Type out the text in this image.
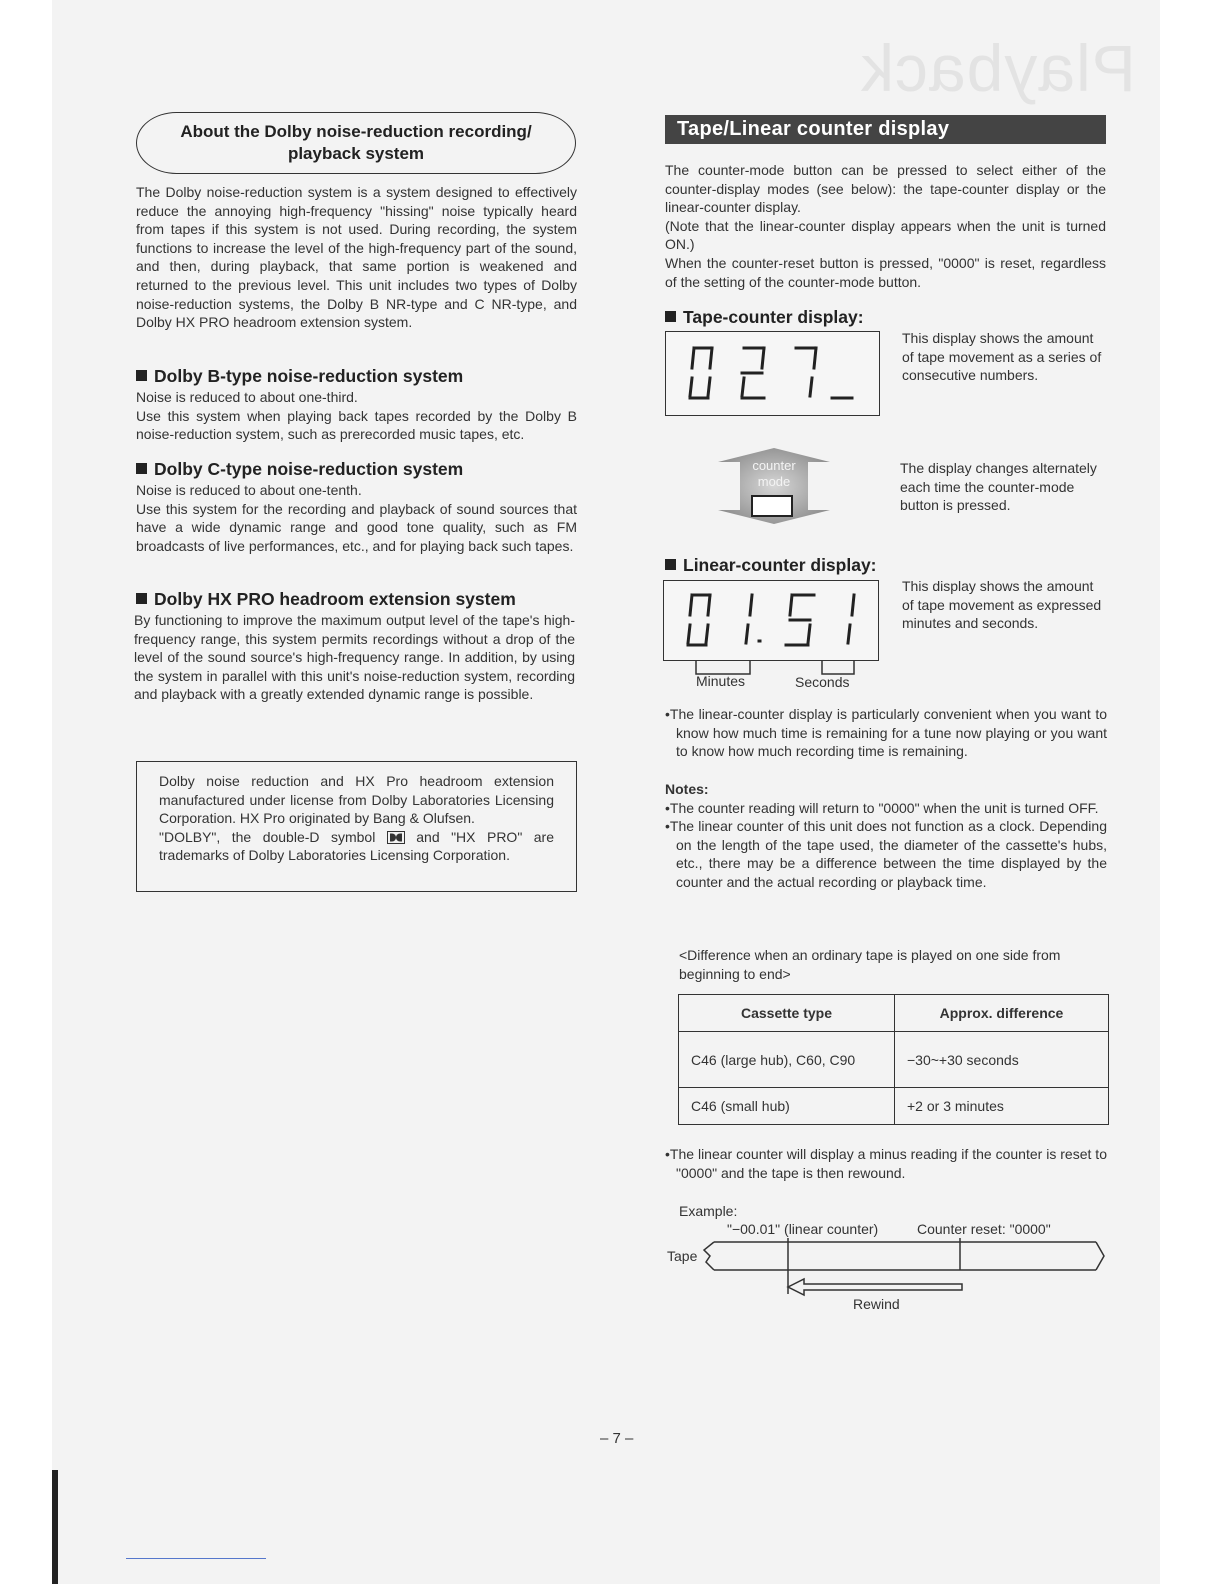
Playback
About the Dolby noise-reduction recording/
playback system

The Dolby noise-reduction system is a system designed to effectively reduce the annoying high-frequency "hissing" noise typically heard from tapes if this system is not used. During recording, the system functions to increase the level of the high-frequency part of the sound, and then, during playback, that same portion is weakened and returned to the previous level. This unit includes two types of Dolby noise-reduction systems, the Dolby B NR-type and C NR-type, and Dolby HX PRO headroom extension system.

Dolby B-type noise-reduction system

Noise is reduced to about one-third.

Use this system when playing back tapes recorded by the Dolby B noise-reduction system, such as prerecorded music tapes, etc.

Dolby C-type noise-reduction system

Noise is reduced to about one-tenth.

Use this system for the recording and playback of sound sources that have a wide dynamic range and good tone quality, such as FM broadcasts of live performances, etc., and for playing back such tapes.

Dolby HX PRO headroom extension system

By functioning to improve the maximum output level of the tape's high-frequency range, this system permits recordings without a drop of the level of the sound source's high-frequency range. In addition, by using the system in parallel with this unit's noise-reduction system, recording and playback with a greatly extended dynamic range is possible.

Dolby noise reduction and HX Pro headroom extension manufactured under license from Dolby Laboratories Licensing Corporation. HX Pro originated by Bang & Olufsen.

"DOLBY", the double-D symbol	and "HX PRO" are trademarks of Dolby Laboratories Licensing Corporation.

Tape/Linear counter display

The counter-mode button can be pressed to select either of the counter-display modes (see below): the tape-counter display or the linear-counter display.

(Note that the linear-counter display appears when the unit is turned ON.)

When the counter-reset button is pressed, "0000" is reset, regardless of the setting of the counter-mode button.

Tape-counter display:
This display shows the amount of tape movement as a series of consecutive numbers.
counter
mode
The display changes alternately each time the counter-mode button is pressed.
Linear-counter display:
Minutes	Seconds
This display shows the amount of tape movement as expressed minutes and seconds.

•The linear-counter display is particularly convenient when you want to know how much time is remaining for a tune now playing or you want to know how much recording time is remaining.

Notes:

•The counter reading will return to "0000" when the unit is turned OFF.

•The linear counter of this unit does not function as a clock. Depending on the length of the tape used, the diameter of the cassette's hubs, etc., there may be a difference between the time displayed by the counter and the actual recording or playback time.

<Difference when an ordinary tape is played on one side from beginning to end>
Cassette type	Approx. difference
C46 (large hub), C60, C90	−30~+30 seconds
C46 (small hub)	+2 or 3 minutes

•The linear counter will display a minus reading if the counter is reset to "0000" and the tape is then rewound.

Example:
"−00.01" (linear counter)	Counter reset: "0000"
Tape
Rewind
– 7 –
